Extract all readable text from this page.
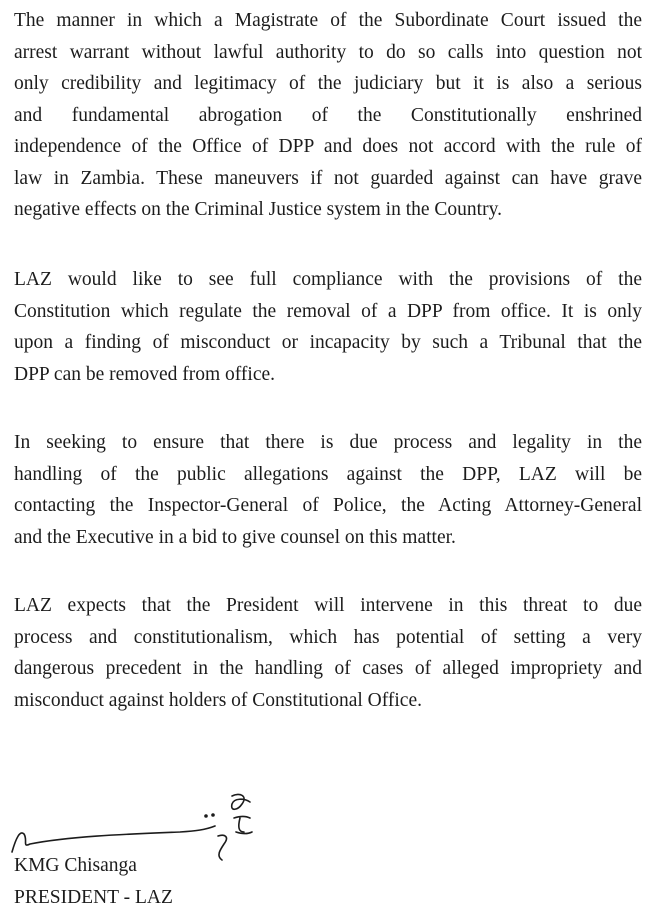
The manner in which a Magistrate of the Subordinate Court issued the
arrest warrant without lawful authority to do so calls into question not
only credibility and legitimacy of the judiciary but it is also a serious
and fundamental abrogation of the Constitutionally enshrined
independence of the Office of DPP and does not accord with the rule of
law in Zambia. These maneuvers if not guarded against can have grave
negative effects on the Criminal Justice system in the Country.
LAZ would like to see full compliance with the provisions of the
Constitution which regulate the removal of a DPP from office. It is only
upon a finding of misconduct or incapacity by such a Tribunal that the
DPP can be removed from office.
In seeking to ensure that there is due process and legality in the
handling of the public allegations against the DPP, LAZ will be
contacting the Inspector-General of Police, the Acting Attorney-General
and the Executive in a bid to give counsel on this matter.
LAZ expects that the President will intervene in this threat to due
process and constitutionalism, which has potential of setting a very
dangerous precedent in the handling of cases of alleged impropriety and
misconduct against holders of Constitutional Office.
KMG Chisanga
PRESIDENT - LAZ
